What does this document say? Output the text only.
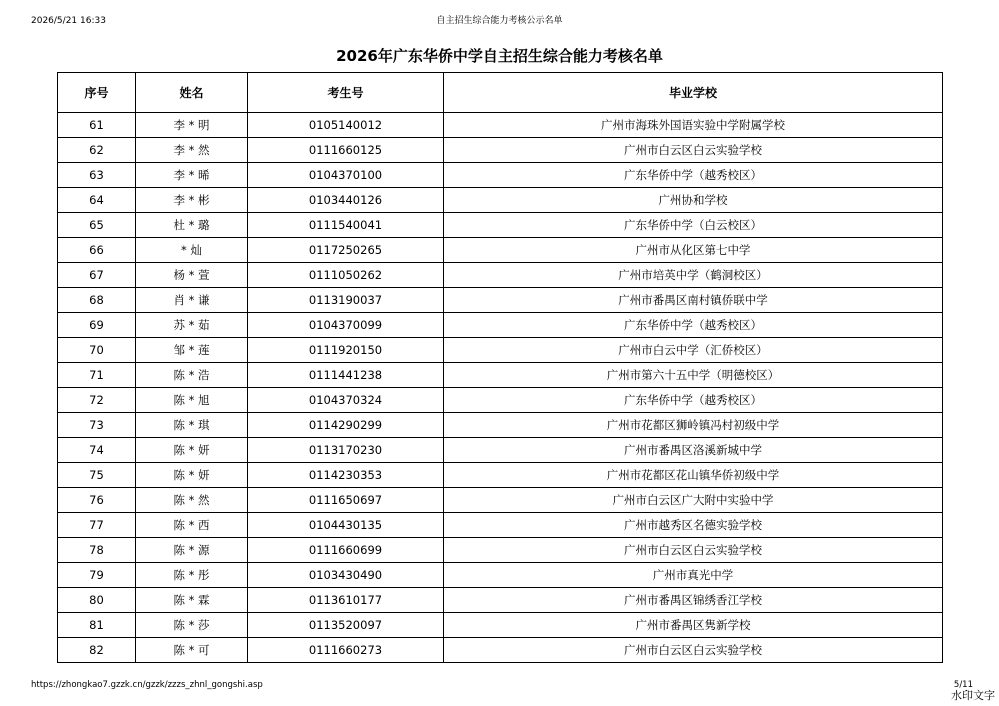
2026/5/21 16:33	自主招生综合能力考核公示名单
2026年广东华侨中学自主招生综合能力考核名单
序号	姓名	考生号	毕业学校
61	李 * 明	0105140012	广州市海珠外国语实验中学附属学校
62	李 * 然	0111660125	广州市白云区白云实验学校
63	李 * 晞	0104370100	广东华侨中学（越秀校区）
64	李 * 彬	0103440126	广州协和学校
65	杜 * 璐	0111540041	广东华侨中学（白云校区）
66	* 灿	0117250265	广州市从化区第七中学
67	杨 * 萱	0111050262	广州市培英中学（鹤洞校区）
68	肖 * 谦	0113190037	广州市番禺区南村镇侨联中学
69	苏 * 茹	0104370099	广东华侨中学（越秀校区）
70	邹 * 莲	0111920150	广州市白云中学（汇侨校区）
71	陈 * 浩	0111441238	广州市第六十五中学（明德校区）
72	陈 * 旭	0104370324	广东华侨中学（越秀校区）
73	陈 * 琪	0114290299	广州市花都区狮岭镇冯村初级中学
74	陈 * 妍	0113170230	广州市番禺区洛溪新城中学
75	陈 * 妍	0114230353	广州市花都区花山镇华侨初级中学
76	陈 * 然	0111650697	广州市白云区广大附中实验中学
77	陈 * 西	0104430135	广州市越秀区名德实验学校
78	陈 * 源	0111660699	广州市白云区白云实验学校
79	陈 * 彤	0103430490	广州市真光中学
80	陈 * 霖	0113610177	广州市番禺区锦绣香江学校
81	陈 * 莎	0113520097	广州市番禺区隽新学校
82	陈 * 可	0111660273	广州市白云区白云实验学校
https://zhongkao7.gzzk.cn/gzzk/zzzs_zhnl_gongshi.asp	5/11
水印文字
